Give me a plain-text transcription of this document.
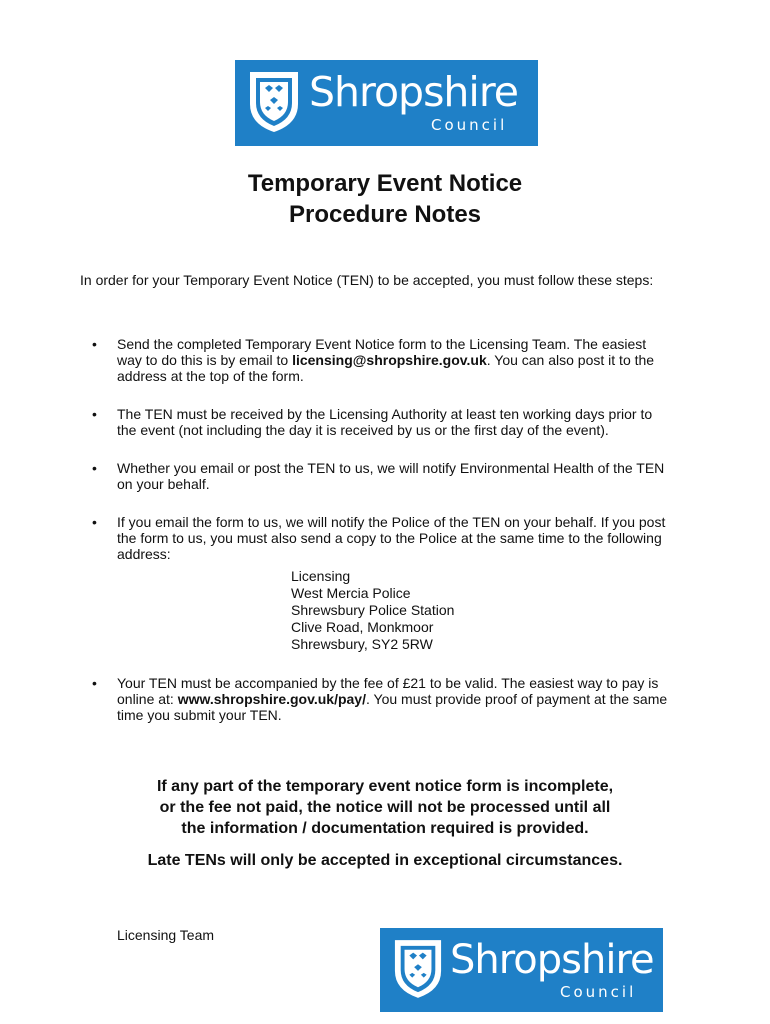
Shropshire
Council
Temporary Event Notice
Procedure Notes
In order for your Temporary Event Notice (TEN) to be accepted, you must follow these steps:
• Send the completed Temporary Event Notice form to the Licensing Team. The easiest way to do this is by email to licensing@shropshire.gov.uk. You can also post it to the address at the top of the form.
• The TEN must be received by the Licensing Authority at least ten working days prior to the event (not including the day it is received by us or the first day of the event).
• Whether you email or post the TEN to us, we will notify Environmental Health of the TEN on your behalf.
• If you email the form to us, we will notify the Police of the TEN on your behalf. If you post the form to us, you must also send a copy to the Police at the same time to the following address:
Licensing
West Mercia Police
Shrewsbury Police Station
Clive Road, Monkmoor
Shrewsbury, SY2 5RW
• Your TEN must be accompanied by the fee of £21 to be valid. The easiest way to pay is online at: www.shropshire.gov.uk/pay/. You must provide proof of payment at the same time you submit your TEN.
If any part of the temporary event notice form is incomplete,
or the fee not paid, the notice will not be processed until all
the information / documentation required is provided.
Late TENs will only be accepted in exceptional circumstances.
Licensing Team
Shropshire
Council
